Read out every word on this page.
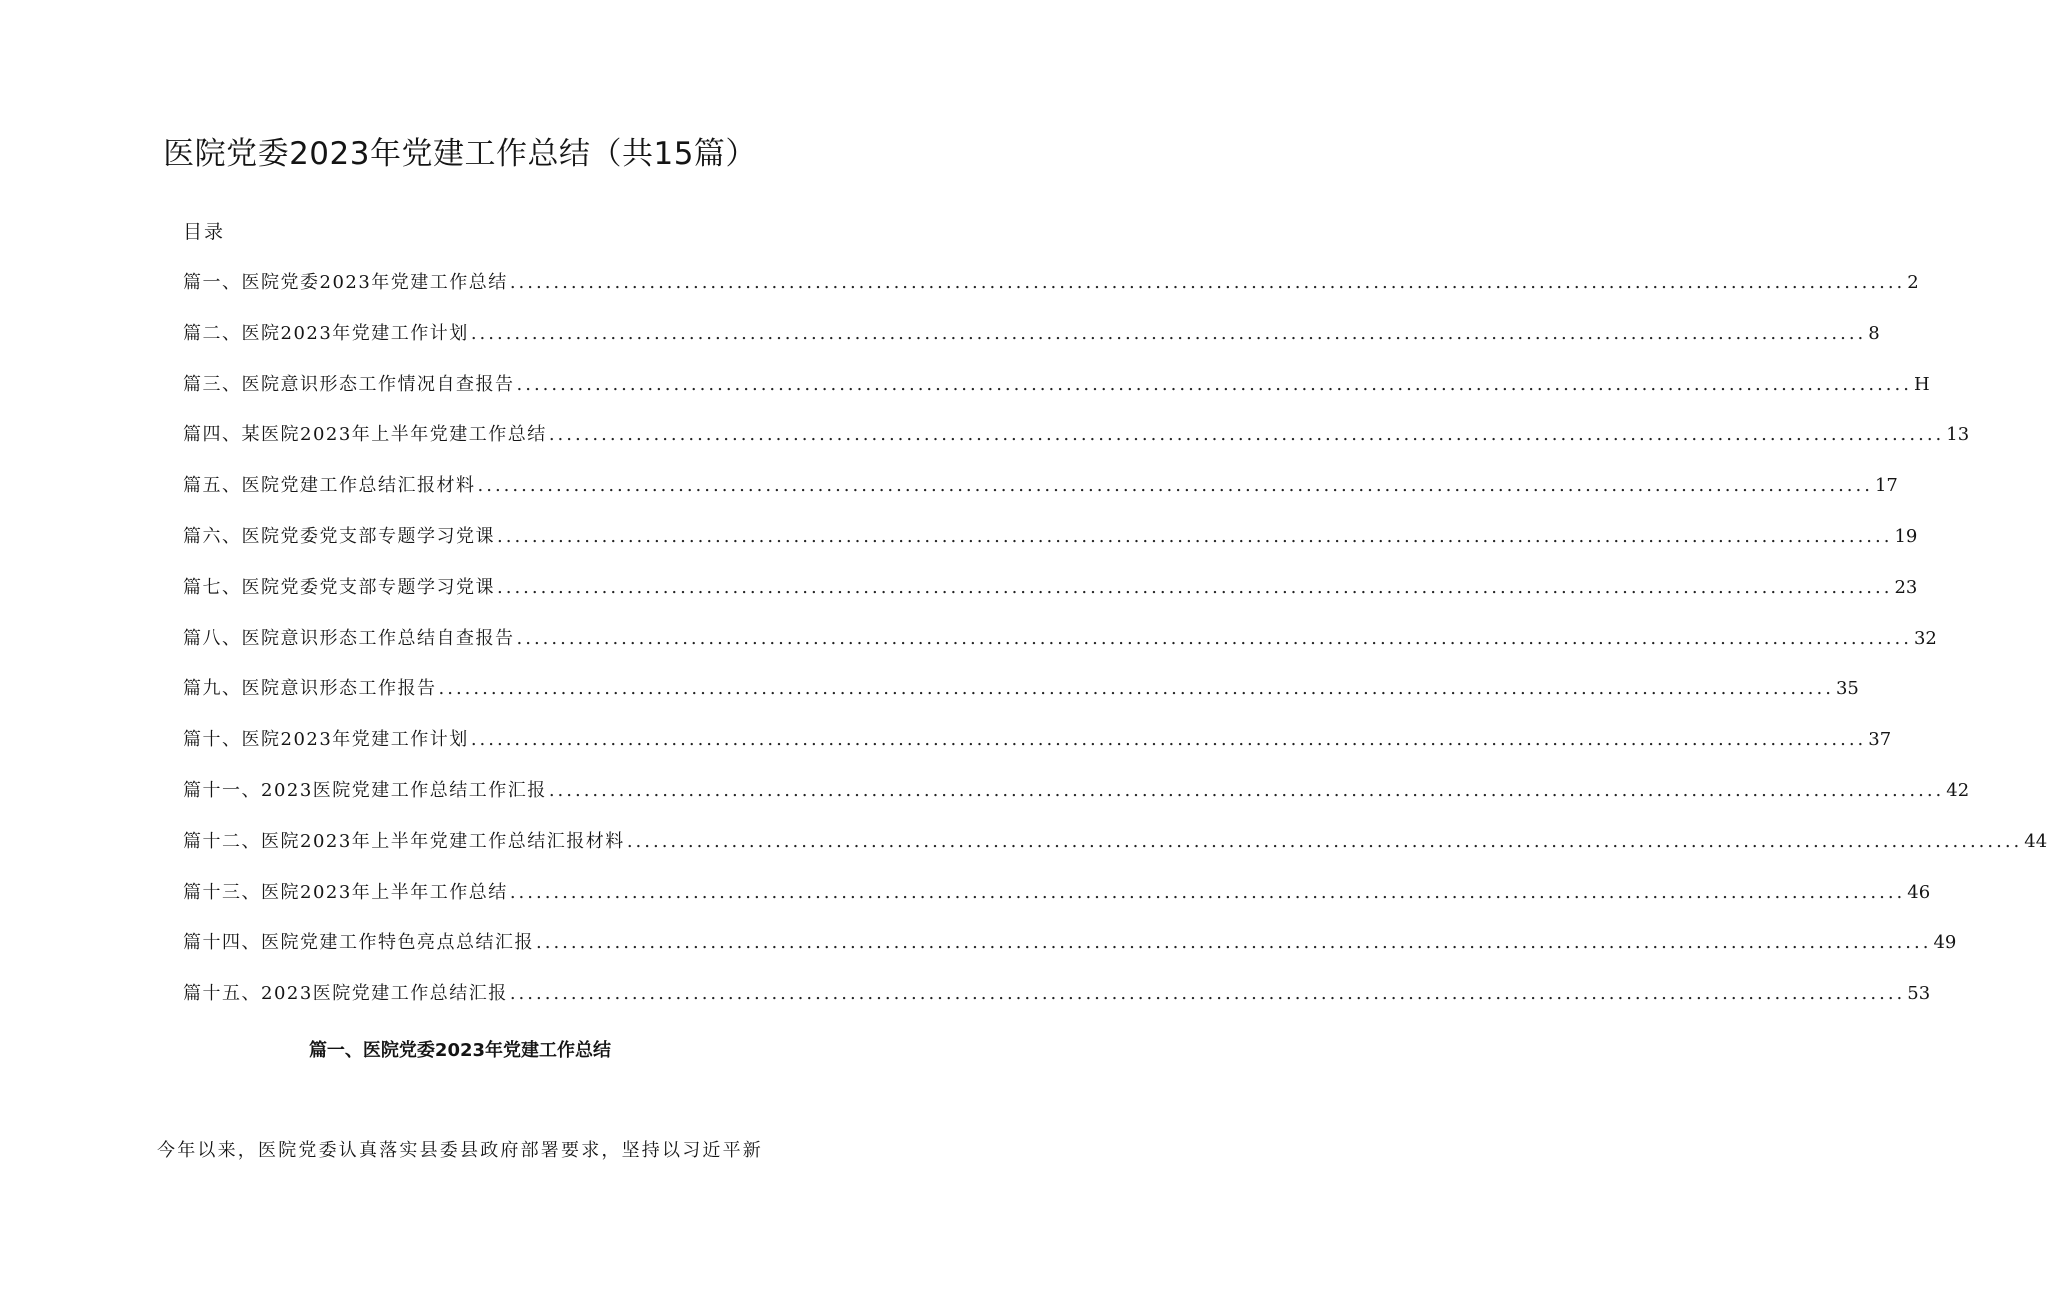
医院党委2023年党建工作总结（共15篇）
目录
篇一、医院党委2023年党建工作总结 ................................................................................................................................................................ 2
篇二、医院2023年党建工作计划 ................................................................................................................................................................ 8
篇三、医院意识形态工作情况自查报告 ................................................................................................................................................................ H
篇四、某医院2023年上半年党建工作总结 ................................................................................................................................................................ 13
篇五、医院党建工作总结汇报材料 ................................................................................................................................................................ 17
篇六、医院党委党支部专题学习党课 ................................................................................................................................................................ 19
篇七、医院党委党支部专题学习党课 ................................................................................................................................................................ 23
篇八、医院意识形态工作总结自查报告 ................................................................................................................................................................ 32
篇九、医院意识形态工作报告 ................................................................................................................................................................ 35
篇十、医院2023年党建工作计划 ................................................................................................................................................................ 37
篇十一、2023医院党建工作总结工作汇报 ................................................................................................................................................................ 42
篇十二、医院2023年上半年党建工作总结汇报材料 ................................................................................................................................................................ 44
篇十三、医院2023年上半年工作总结 ................................................................................................................................................................ 46
篇十四、医院党建工作特色亮点总结汇报 ................................................................................................................................................................ 49
篇十五、2023医院党建工作总结汇报 ................................................................................................................................................................ 53
篇一、医院党委2023年党建工作总结

今年以来，医院党委认真落实县委县政府部署要求，坚持以习近平新
